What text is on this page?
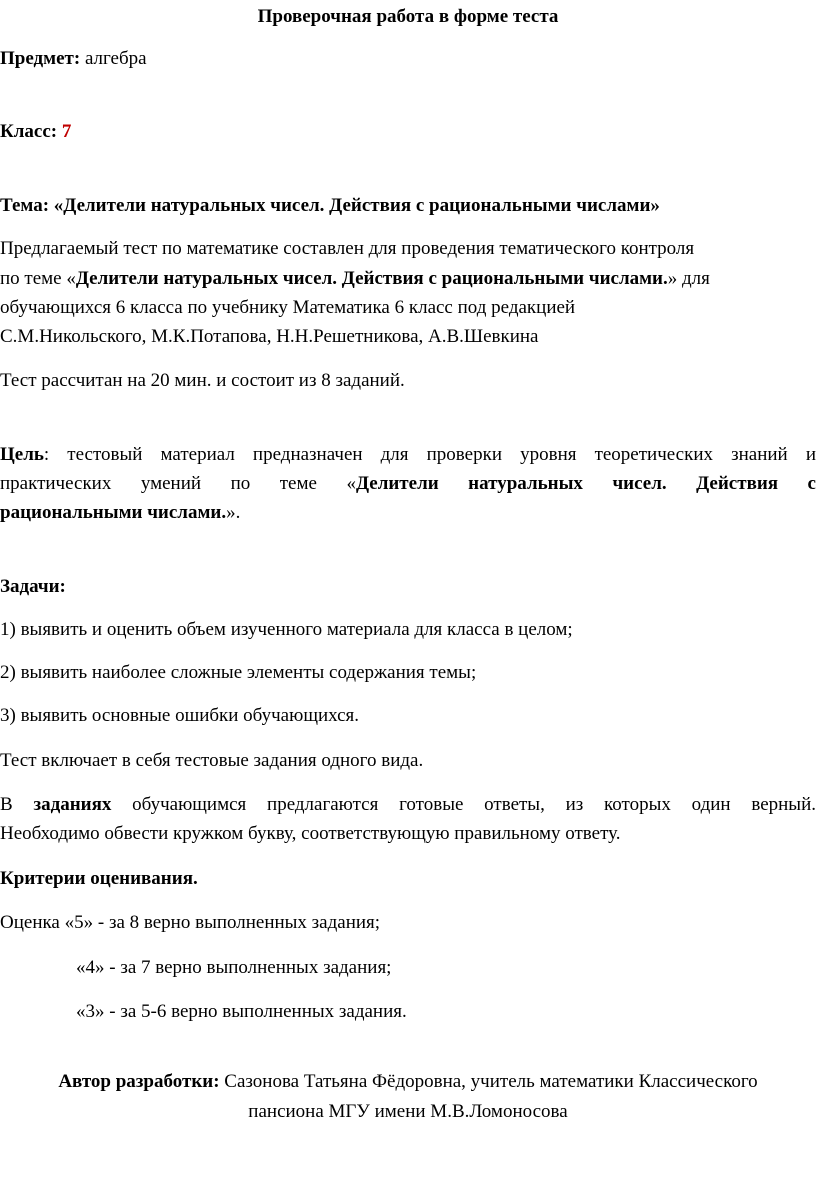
Проверочная работа в форме теста

Предмет: алгебра

Класс: 7

Тема: «Делители натуральных чисел. Действия с рациональными числами»

Предлагаемый тест по математике составлен для проведения тематического контроля

по теме «Делители натуральных чисел. Действия с рациональными числами.» для

обучающихся 6 класса по учебнику Математика 6 класс под редакцией

С.М.Никольского, М.К.Потапова, Н.Н.Решетникова, А.В.Шевкина

Тест рассчитан на 20 мин. и состоит из 8 заданий.

Цель: тестовый материал предназначен для проверки уровня теоретических знаний и

практических умений по теме «Делители натуральных чисел. Действия с

рациональными числами.».

Задачи:

1) выявить и оценить объем изученного материала для класса в целом;

2) выявить наиболее сложные элементы содержания темы;

3) выявить основные ошибки обучающихся.

Тест включает в себя тестовые задания одного вида.

В заданиях обучающимся предлагаются готовые ответы, из которых один верный.

Необходимо обвести кружком букву, соответствующую правильному ответу.

Критерии оценивания.

Оценка «5» - за 8 верно выполненных задания;

«4» - за 7 верно выполненных задания;

«3» - за 5-6 верно выполненных задания.

Автор разработки: Сазонова Татьяна Фёдоровна, учитель математики Классического

пансиона МГУ имени М.В.Ломоносова
